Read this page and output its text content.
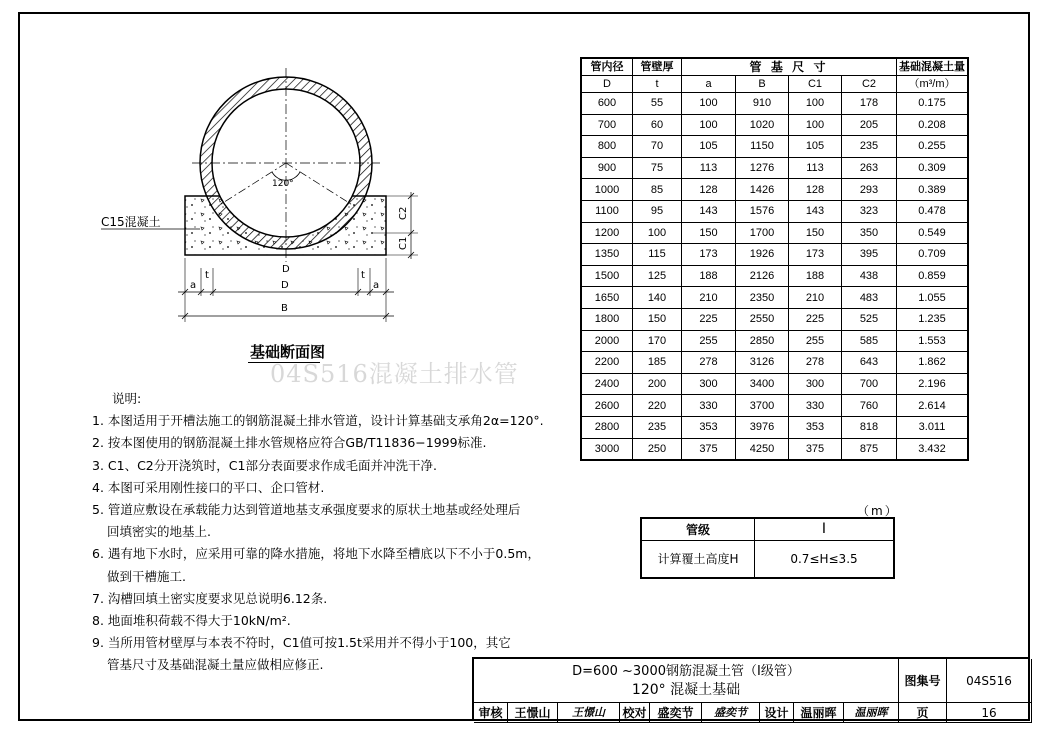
04S516混凝土排水管
120°
C15混凝土
C2
C1
a
t
D
t
a
B
D
基础断面图
管内径	管壁厚	管 基 尺 寸				基础混凝土量
D	t	a	B	C1	C2	（m³/m）
600	55	100	910	100	178	0.175
700	60	100	1020	100	205	0.208
800	70	105	1150	105	235	0.255
900	75	113	1276	113	263	0.309
1000	85	128	1426	128	293	0.389
1100	95	143	1576	143	323	0.478
1200	100	150	1700	150	350	0.549
1350	115	173	1926	173	395	0.709
1500	125	188	2126	188	438	0.859
1650	140	210	2350	210	483	1.055
1800	150	225	2550	225	525	1.235
2000	170	255	2850	255	585	1.553
2200	185	278	3126	278	643	1.862
2400	200	300	3400	300	700	2.196
2600	220	330	3700	330	760	2.614
2800	235	353	3976	353	818	3.011
3000	250	375	4250	375	875	3.432
说明:
1. 本图适用于开槽法施工的钢筋混凝土排水管道，设计计算基础支承角2α=120°.
2. 按本图使用的钢筋混凝土排水管规格应符合GB/T11836−1999标准.
3. C1、C2分开浇筑时，C1部分表面要求作成毛面并冲洗干净.
4. 本图可采用刚性接口的平口、企口管材.
5. 管道应敷设在承载能力达到管道地基支承强度要求的原状土地基或经处理后
回填密实的地基上.
6. 遇有地下水时，应采用可靠的降水措施，将地下水降至槽底以下不小于0.5m，
做到干槽施工.
7. 沟槽回填土密实度要求见总说明6.12条.
8. 地面堆积荷载不得大于10kN/m².
9. 当所用管材壁厚与本表不符时，C1值可按1.5t采用并不得小于100，其它
管基尺寸及基础混凝土量应做相应修正.
（m）
管级	I
计算覆土高度H	0.7≤H≤3.5
D=600 ~3000钢筋混凝土管（I级管）
120° 混凝土基础
图集号	04S516
审核 王憬山	王憬山	校对 盛奕节	盛奕节	设计 温丽晖	温丽晖	页	16
